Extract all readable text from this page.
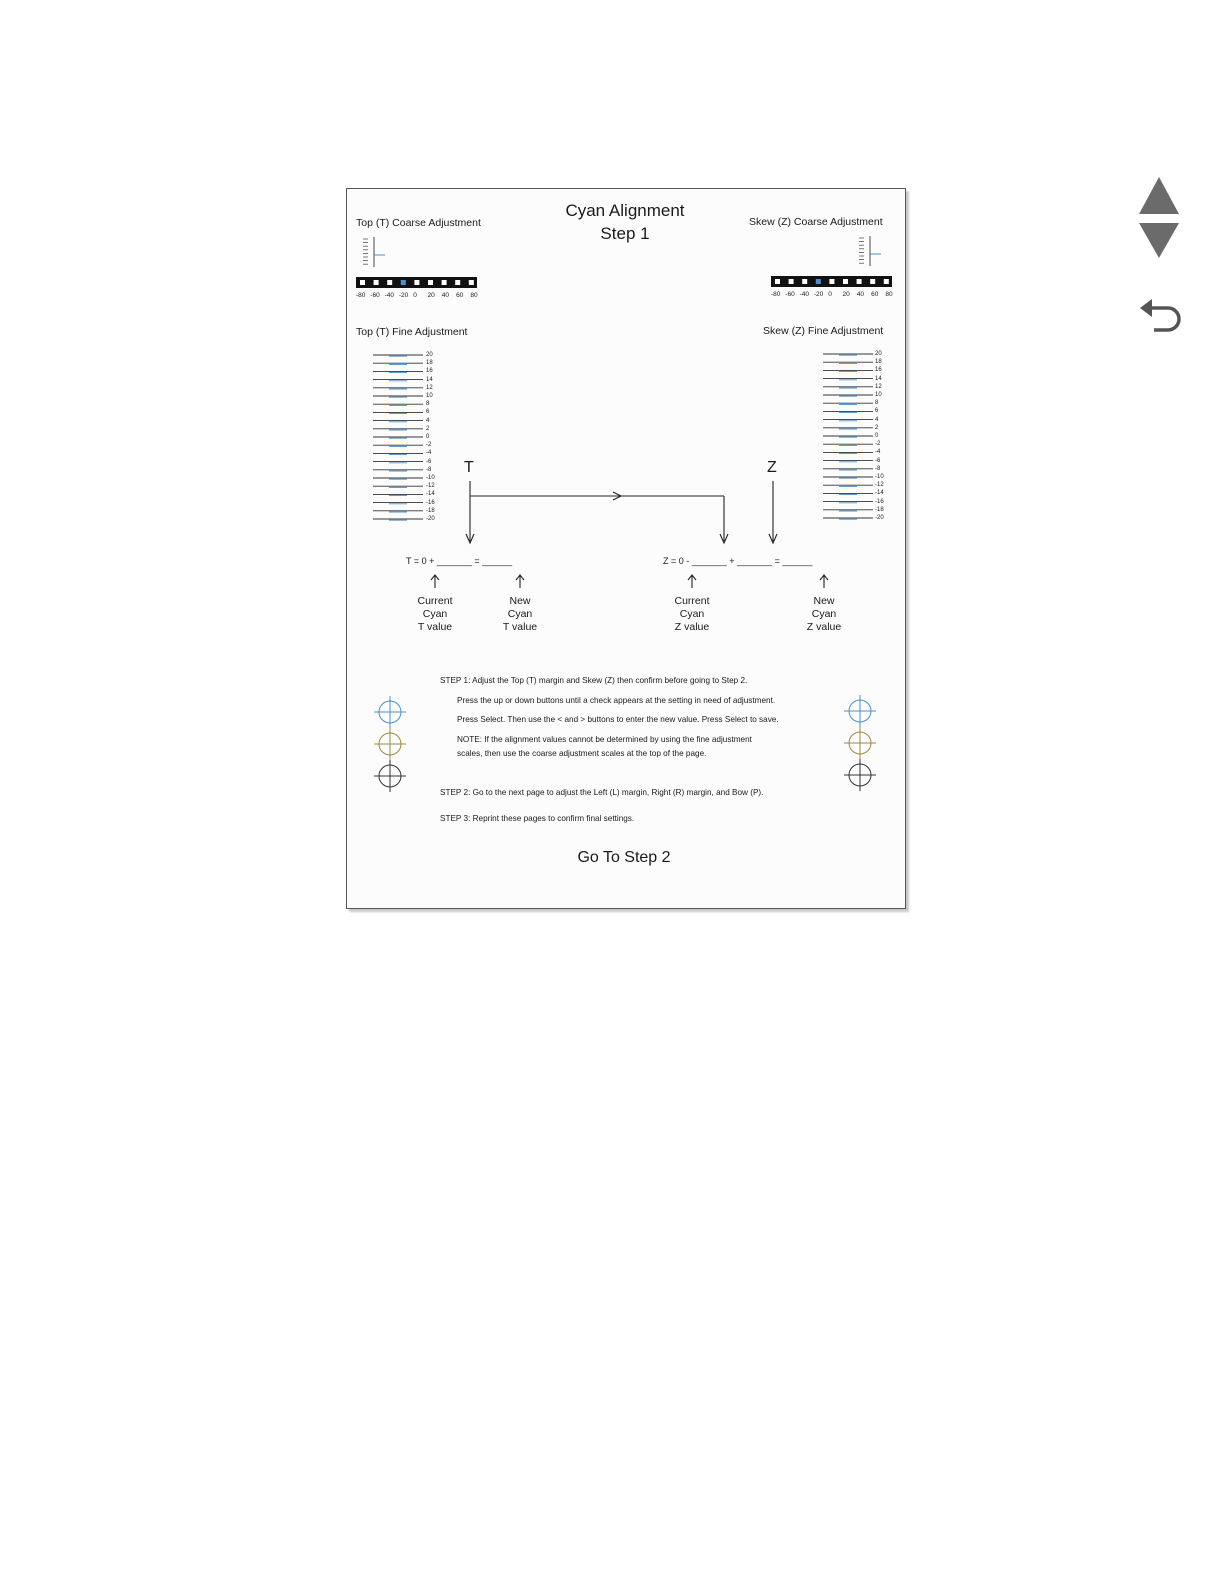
Cyan Alignment
Step 1
Top (T) Coarse Adjustment	Skew (Z) Coarse Adjustment
Top (T) Fine Adjustment	Skew (Z) Fine Adjustment
-80 -60 -40 -20 0 20 40 60 80	-80 -60 -40 -20 0 20 40 60 80
20
18
16
14
12
10
8
6
4
2
0
-2
-4
-6
-8
-10
-12
-14
-16
-18
-20
20
18
16
14
12
10
8
6
4
2
0
-2
-4
-6
-8
-10
-12
-14
-16
-18
-20
T	Z
T = 0 + _______ = ______	Z = 0 - _______ + _______ = ______
Current
Cyan
T value
New
Cyan
T value
Current
Cyan
Z value
New
Cyan
Z value
STEP 1: Adjust the Top (T) margin and Skew (Z) then confirm before going to Step 2.
Press the up or down buttons until a check appears at the setting in need of adjustment.
Press Select. Then use the < and > buttons to enter the new value. Press Select to save.
NOTE: If the alignment values cannot be determined by using the fine adjustment
scales, then use the coarse adjustment scales at the top of the page.
STEP 2: Go to the next page to adjust the Left (L) margin, Right (R) margin, and Bow (P).
STEP 3: Reprint these pages to confirm final settings.
Go To Step 2
